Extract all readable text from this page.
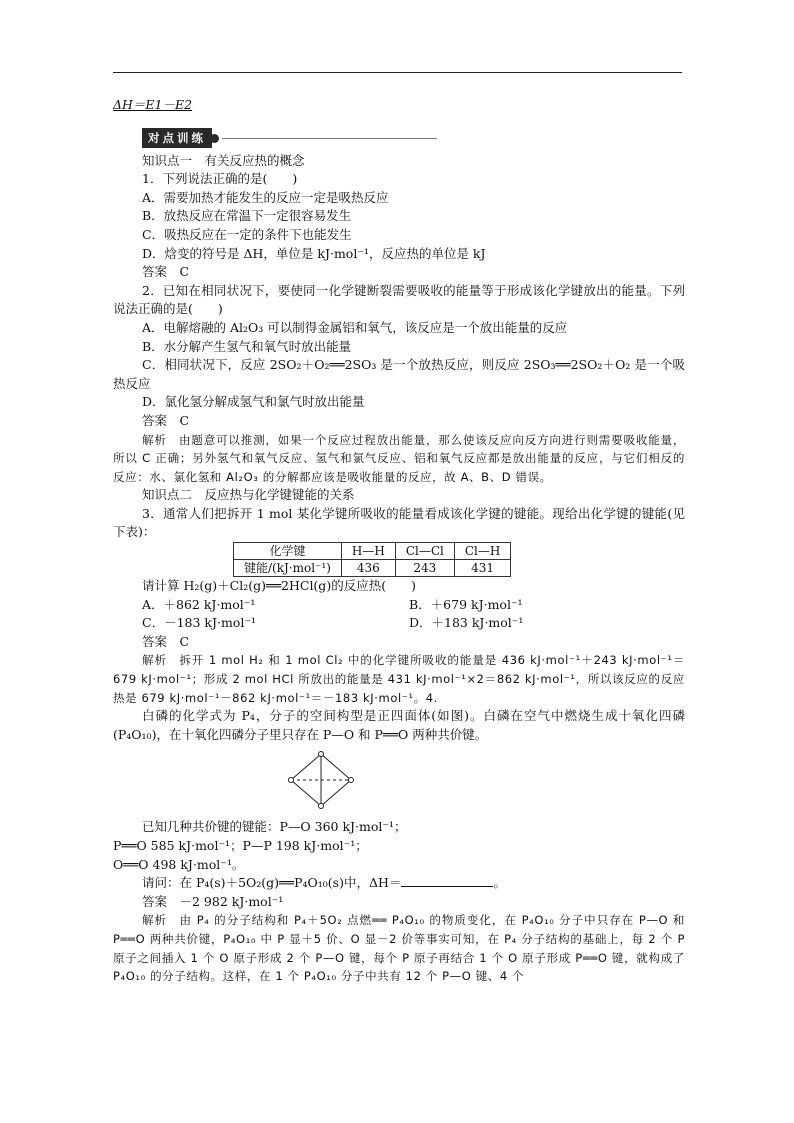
ΔH＝E1－E2
对点训练
知识点一　有关反应热的概念
1．下列说法正确的是(　　)
A．需要加热才能发生的反应一定是吸热反应
B．放热反应在常温下一定很容易发生
C．吸热反应在一定的条件下也能发生
D．焓变的符号是 ΔH，单位是 kJ·mol⁻¹，反应热的单位是 kJ
答案　C
2．已知在相同状况下，要使同一化学键断裂需要吸收的能量等于形成该化学键放出的能量。下列说法正确的是(　　)
A．电解熔融的 Al₂O₃ 可以制得金属铝和氧气，该反应是一个放出能量的反应
B．水分解产生氢气和氧气时放出能量
C．相同状况下，反应 2SO₂＋O₂══2SO₃ 是一个放热反应，则反应 2SO₃══2SO₂＋O₂ 是一个吸热反应
D．氯化氢分解成氢气和氯气时放出能量
答案　C
解析　由题意可以推测，如果一个反应过程放出能量，那么使该反应向反方向进行则需要吸收能量，所以 C 正确；另外氢气和氧气反应、氢气和氯气反应、铝和氧气反应都是放出能量的反应，与它们相反的反应：水、氯化氢和 Al₂O₃ 的分解都应该是吸收能量的反应，故 A、B、D 错误。
知识点二　反应热与化学键键能的关系
3．通常人们把拆开 1 mol 某化学键所吸收的能量看成该化学键的键能。现给出化学键的键能(见下表)：
化学键	H—H	Cl—Cl	Cl—H
键能/(kJ·mol⁻¹)	436	243	431
请计算 H₂(g)＋Cl₂(g)══2HCl(g)的反应热(　　)
A．＋862 kJ·mol⁻¹	B．＋679 kJ·mol⁻¹
C．－183 kJ·mol⁻¹	D．＋183 kJ·mol⁻¹
答案　C
解析　拆开 1 mol H₂ 和 1 mol Cl₂ 中的化学键所吸收的能量是 436 kJ·mol⁻¹＋243 kJ·mol⁻¹＝679 kJ·mol⁻¹；形成 2 mol HCl 所放出的能量是 431 kJ·mol⁻¹×2＝862 kJ·mol⁻¹，所以该反应的反应热是 679 kJ·mol⁻¹－862 kJ·mol⁻¹＝－183 kJ·mol⁻¹。4.
白磷的化学式为 P₄，分子的空间构型是正四面体(如图)。白磷在空气中燃烧生成十氧化四磷(P₄O₁₀)，在十氧化四磷分子里只存在 P—O 和 P══O 两种共价键。
已知几种共价键的键能：P—O 360 kJ·mol⁻¹；
P══O 585 kJ·mol⁻¹；P—P 198 kJ·mol⁻¹；
O══O 498 kJ·mol⁻¹。
请问：在 P₄(s)＋5O₂(g)══P₄O₁₀(s)中，ΔH＝	。
答案　－2 982 kJ·mol⁻¹
解析　由 P₄ 的分子结构和 P₄＋5O₂ 点燃══ P₄O₁₀ 的物质变化，在 P₄O₁₀ 分子中只存在 P—O 和 P══O 两种共价键，P₄O₁₀ 中 P 显＋5 价、O 显－2 价等事实可知，在 P₄ 分子结构的基础上，每 2 个 P 原子之间插入 1 个 O 原子形成 2 个 P—O 键，每个 P 原子再结合 1 个 O 原子形成 P══O 键，就构成了 P₄O₁₀ 的分子结构。这样，在 1 个 P₄O₁₀ 分子中共有 12 个 P—O 键、4 个
